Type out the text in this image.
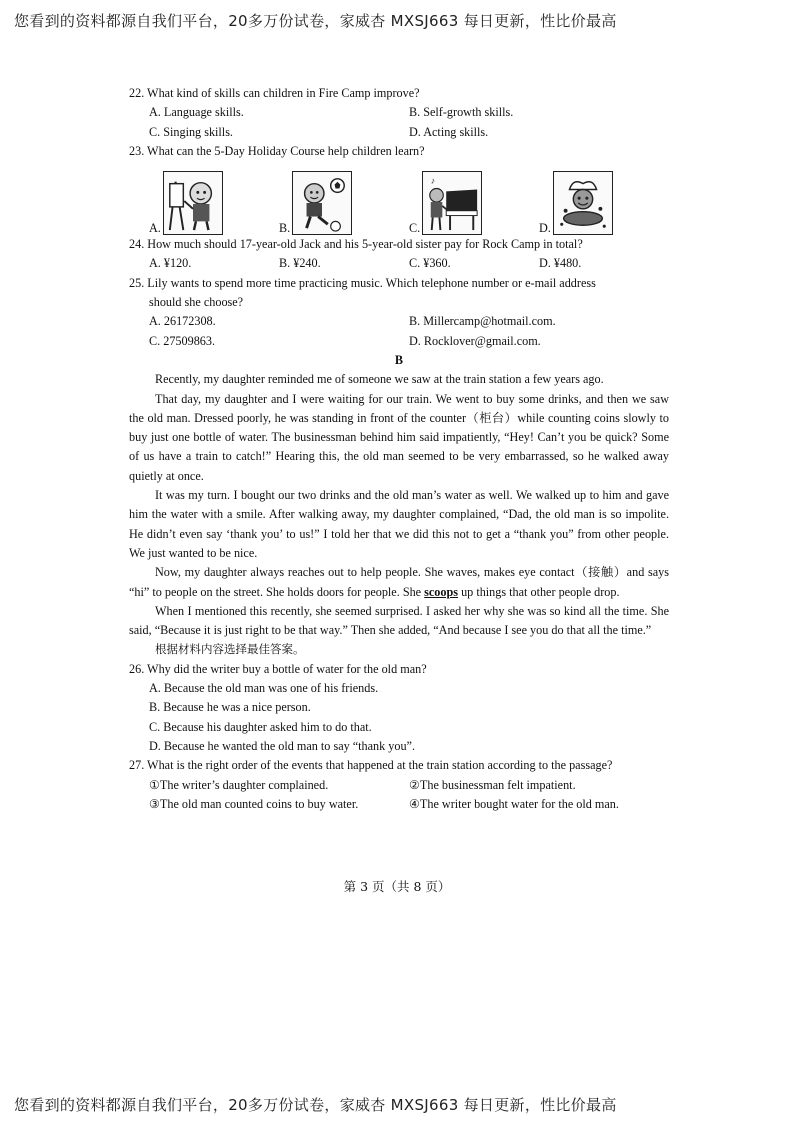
您看到的资料都源自我们平台，20多万份试卷，家威杏 MXSJ663 每日更新，性比价最高

22. What kind of skills can children in Fire Camp improve?

A. Language skills.	B. Self-growth skills.
C. Singing skills.	D. Acting skills.

23. What can the 5-Day Holiday Course help children learn?

A.	B.	C.
♪
D.

24. How much should 17-year-old Jack and his 5-year-old sister pay for Rock Camp in total?

A. ¥120.	B. ¥240.	C. ¥360.	D. ¥480.

25. Lily wants to spend more time practicing music. Which telephone number or e-mail address

should she choose?

A. 26172308.	B. Millercamp@hotmail.com.
C. 27509863.	D. Rocklover@gmail.com.

B

Recently, my daughter reminded me of someone we saw at the train station a few years ago.

That day, my daughter and I were waiting for our train. We went to buy some drinks, and then we saw the old man. Dressed poorly, he was standing in front of the counter（柜台）while counting coins slowly to buy just one bottle of water. The businessman behind him said impatiently, “Hey! Can’t you be quick? Some of us have a train to catch!” Hearing this, the old man seemed to be very embarrassed, so he walked away quietly at once.

It was my turn. I bought our two drinks and the old man’s water as well. We walked up to him and gave him the water with a smile. After walking away, my daughter complained, “Dad, the old man is so impolite. He didn’t even say ‘thank you’ to us!” I told her that we did this not to get a “thank you” from other people. We just wanted to be nice.

Now, my daughter always reaches out to help people. She waves, makes eye contact（接触）and says “hi” to people on the street. She holds doors for people. She scoops up things that other people drop.

When I mentioned this recently, she seemed surprised. I asked her why she was so kind all the time. She said, “Because it is just right to be that way.” Then she added, “And because I see you do that all the time.”

根据材料内容选择最佳答案。

26. Why did the writer buy a bottle of water for the old man?

A. Because the old man was one of his friends.
B. Because he was a nice person.
C. Because his daughter asked him to do that.
D. Because he wanted the old man to say “thank you”.

27. What is the right order of the events that happened at the train station according to the passage?

①The writer’s daughter complained.	②The businessman felt impatient.
③The old man counted coins to buy water.	④The writer bought water for the old man.
第 3 页（共 8 页）
您看到的资料都源自我们平台，20多万份试卷，家威杏 MXSJ663 每日更新，性比价最高
